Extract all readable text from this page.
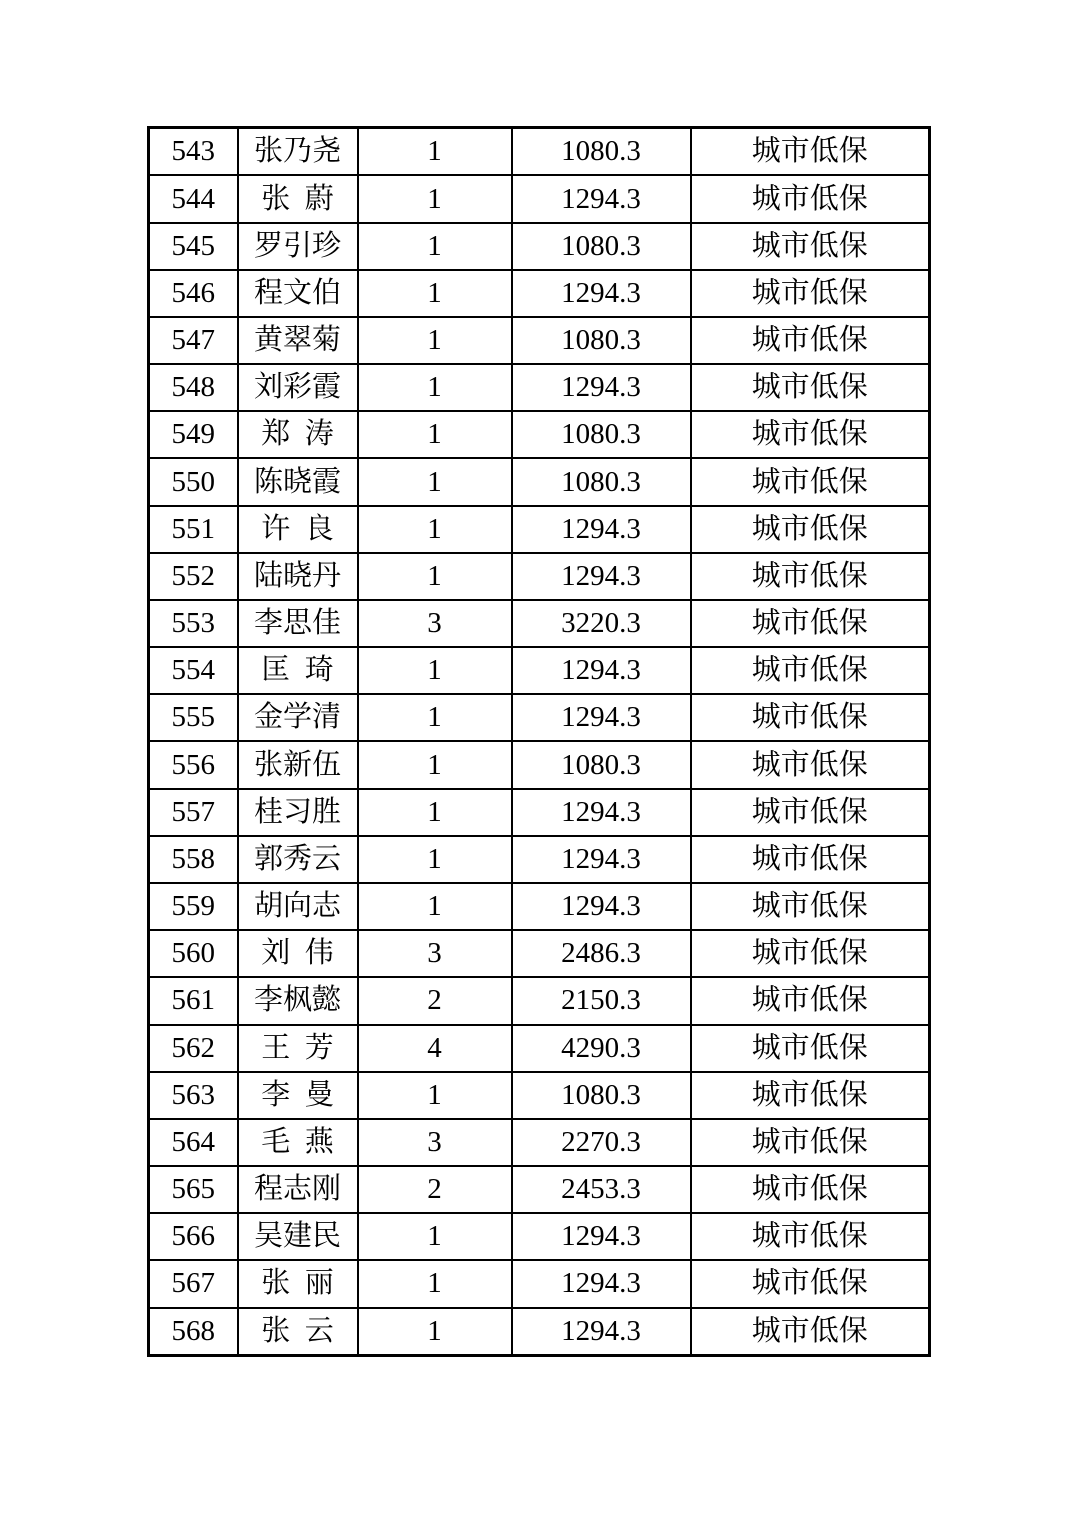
543	张乃尧	1	1080.3	城市低保
544	张蔚	1	1294.3	城市低保
545	罗引珍	1	1080.3	城市低保
546	程文伯	1	1294.3	城市低保
547	黄翠菊	1	1080.3	城市低保
548	刘彩霞	1	1294.3	城市低保
549	郑涛	1	1080.3	城市低保
550	陈晓霞	1	1080.3	城市低保
551	许良	1	1294.3	城市低保
552	陆晓丹	1	1294.3	城市低保
553	李思佳	3	3220.3	城市低保
554	匡琦	1	1294.3	城市低保
555	金学清	1	1294.3	城市低保
556	张新伍	1	1080.3	城市低保
557	桂习胜	1	1294.3	城市低保
558	郭秀云	1	1294.3	城市低保
559	胡向志	1	1294.3	城市低保
560	刘伟	3	2486.3	城市低保
561	李枫懿	2	2150.3	城市低保
562	王芳	4	4290.3	城市低保
563	李曼	1	1080.3	城市低保
564	毛燕	3	2270.3	城市低保
565	程志刚	2	2453.3	城市低保
566	吴建民	1	1294.3	城市低保
567	张丽	1	1294.3	城市低保
568	张云	1	1294.3	城市低保
